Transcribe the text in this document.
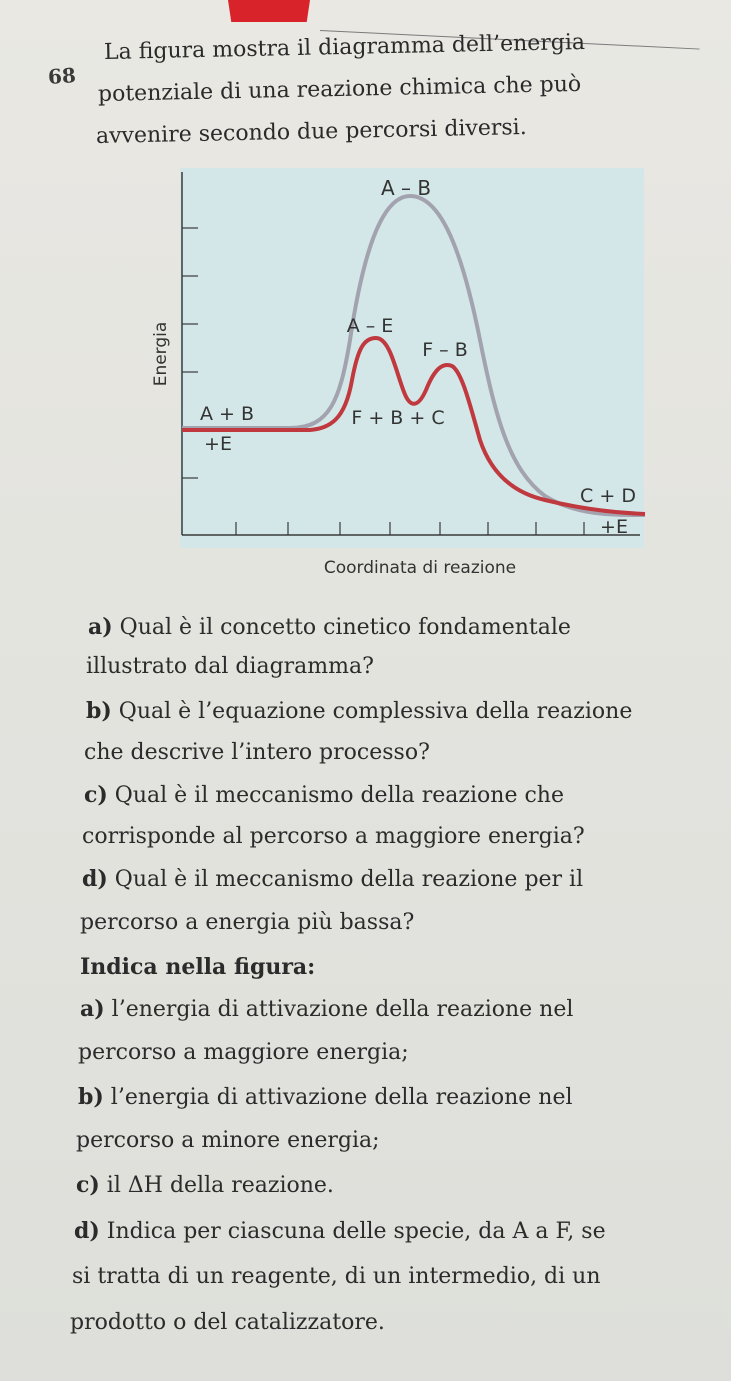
68
La figura mostra il diagramma dell’energia
potenziale di una reazione chimica che può
avvenire secondo due percorsi diversi.
A – B
A – E
F – B
A + B
+E
F + B + C
C + D
+E
Energia
Coordinata di reazione
a) Qual è il concetto cinetico fondamentale
illustrato dal diagramma?
b) Qual è l’equazione complessiva della reazione
che descrive l’intero processo?
c) Qual è il meccanismo della reazione che
corrisponde al percorso a maggiore energia?
d) Qual è il meccanismo della reazione per il
percorso a energia più bassa?
Indica nella figura:
a) l’energia di attivazione della reazione nel
percorso a maggiore energia;
b) l’energia di attivazione della reazione nel
percorso a minore energia;
c) il ΔH della reazione.
d) Indica per ciascuna delle specie, da A a F, se
si tratta di un reagente, di un intermedio, di un
prodotto o del catalizzatore.
